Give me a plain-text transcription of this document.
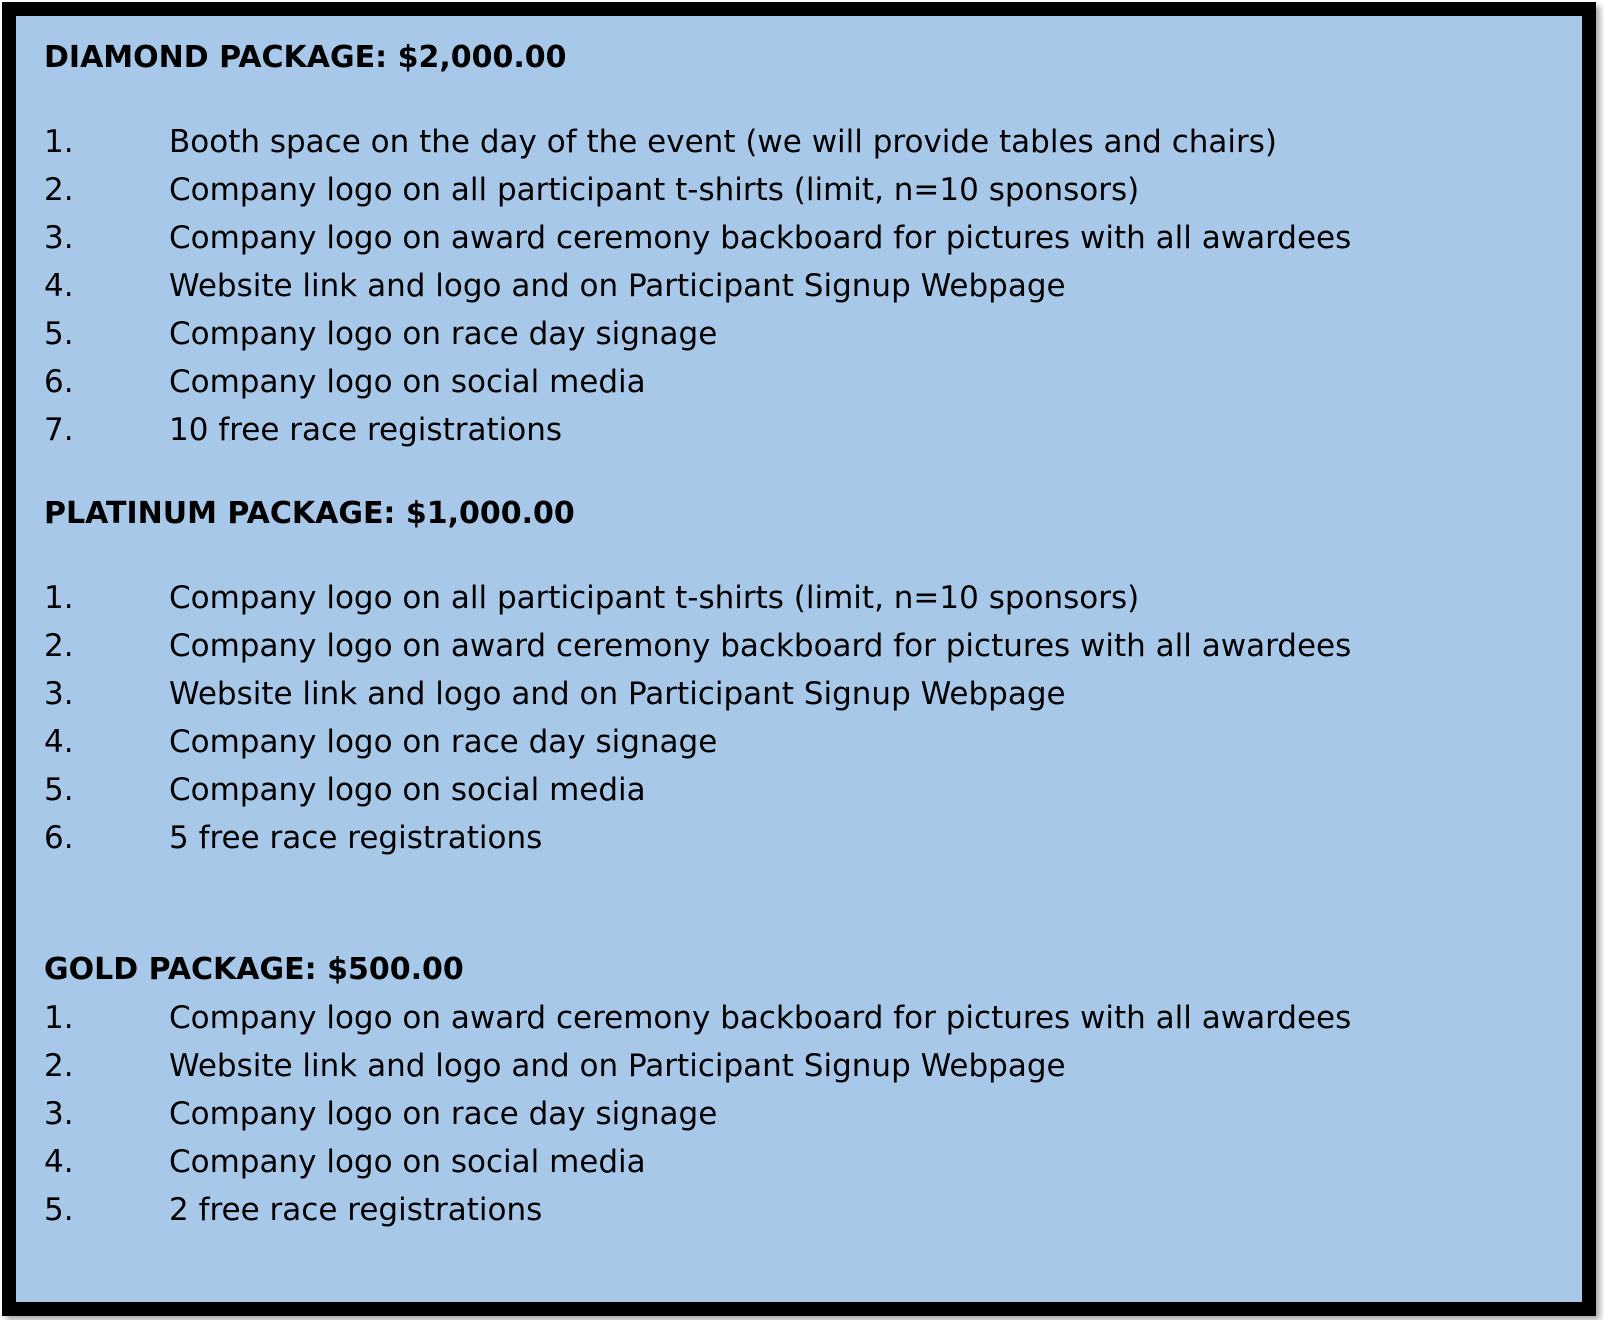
DIAMOND PACKAGE: $2,000.00
1.	Booth space on the day of the event (we will provide tables and chairs)
2.	Company logo on all participant t-shirts (limit, n=10 sponsors)
3.	Company logo on award ceremony backboard for pictures with all awardees
4.	Website link and logo and on Participant Signup Webpage
5.	Company logo on race day signage
6.	Company logo on social media
7.	10 free race registrations
PLATINUM PACKAGE: $1,000.00
1.	Company logo on all participant t-shirts (limit, n=10 sponsors)
2.	Company logo on award ceremony backboard for pictures with all awardees
3.	Website link and logo and on Participant Signup Webpage
4.	Company logo on race day signage
5.	Company logo on social media
6.	5 free race registrations
GOLD PACKAGE: $500.00
1.	Company logo on award ceremony backboard for pictures with all awardees
2.	Website link and logo and on Participant Signup Webpage
3.	Company logo on race day signage
4.	Company logo on social media
5.	2 free race registrations
